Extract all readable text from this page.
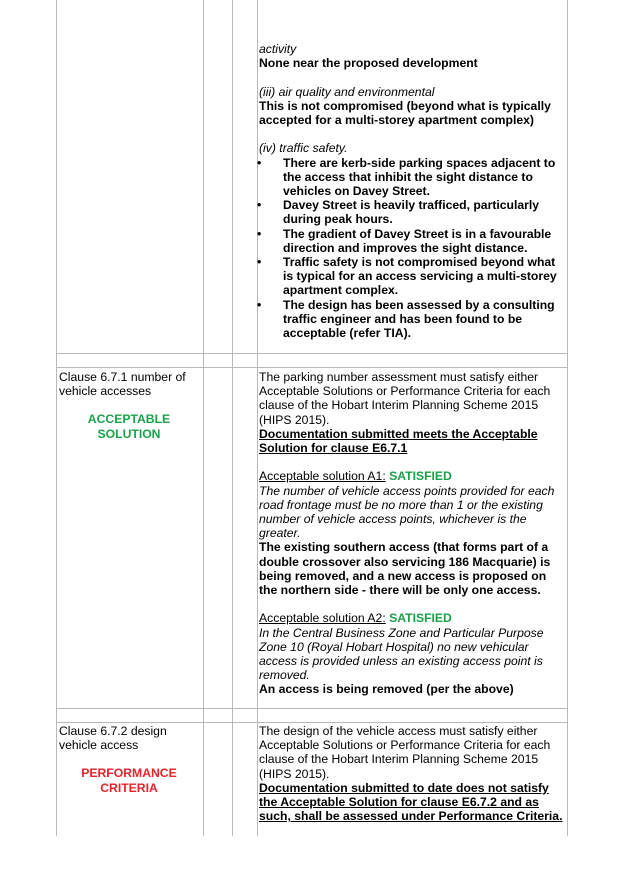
activity

None near the proposed development

(iii) air quality and environmental

This is not compromised (beyond what is typically accepted for a multi-storey apartment complex)

(iv) traffic safety.

• There are kerb-side parking spaces adjacent to the access that inhibit the sight distance to vehicles on Davey Street.
• Davey Street is heavily trafficed, particularly during peak hours.
• The gradient of Davey Street is in a favourable direction and improves the sight distance.
• Traffic safety is not compromised beyond what is typical for an access servicing a multi-storey apartment complex.
• The design has been assessed by a consulting traffic engineer and has been found to be acceptable (refer TIA).
Clause 6.7.1 number of vehicle accesses
ACCEPTABLE SOLUTION

The parking number assessment must satisfy either Acceptable Solutions or Performance Criteria for each clause of the Hobart Interim Planning Scheme 2015 (HIPS 2015).

Documentation submitted meets the Acceptable Solution for clause E6.7.1

Acceptable solution A1: SATISFIED

The number of vehicle access points provided for each road frontage must be no more than 1 or the existing number of vehicle access points, whichever is the greater.

The existing southern access (that forms part of a double crossover also servicing 186 Macquarie) is being removed, and a new access is proposed on the northern side - there will be only one access.

Acceptable solution A2: SATISFIED

In the Central Business Zone and Particular Purpose Zone 10 (Royal Hobart Hospital) no new vehicular access is provided unless an existing access point is removed.

An access is being removed (per the above)

Clause 6.7.2 design vehicle access
PERFORMANCE CRITERIA

The design of the vehicle access must satisfy either Acceptable Solutions or Performance Criteria for each clause of the Hobart Interim Planning Scheme 2015 (HIPS 2015).

Documentation submitted to date does not satisfy the Acceptable Solution for clause E6.7.2 and as such, shall be assessed under Performance Criteria.
